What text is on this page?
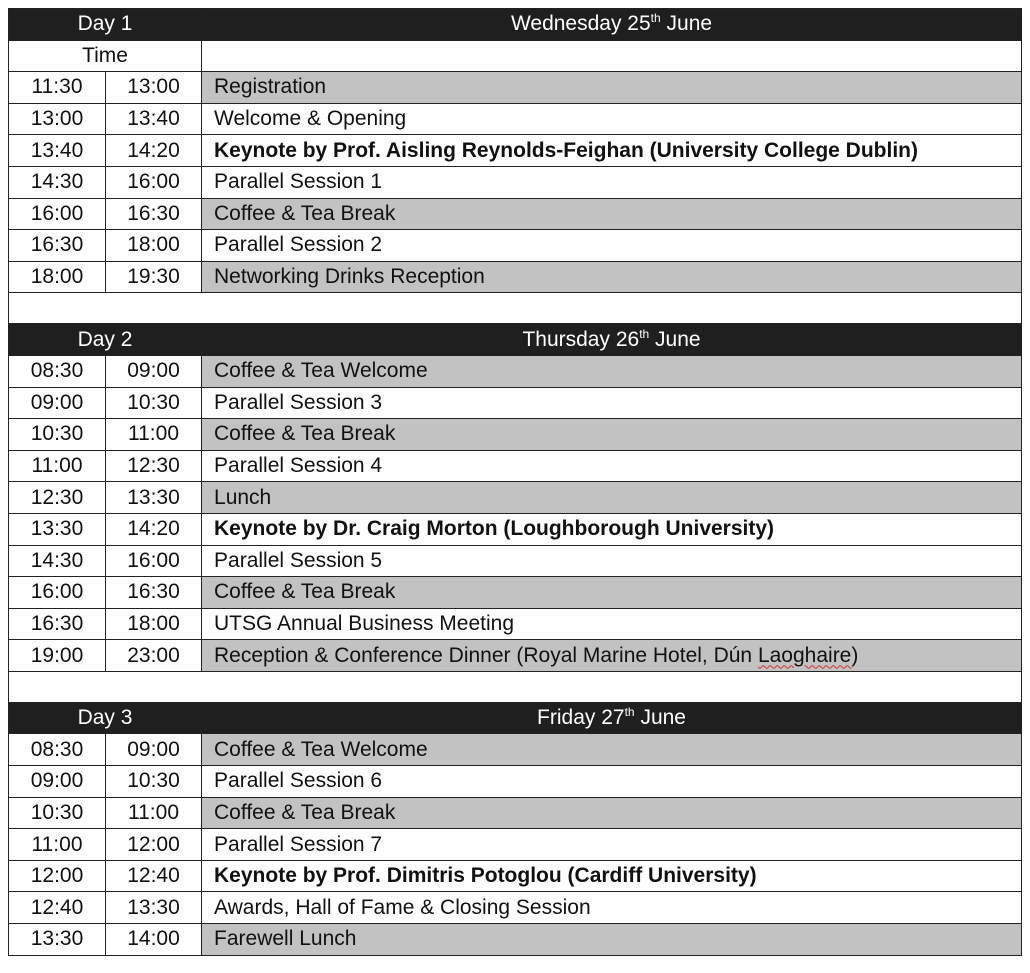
Day 1		Wednesday 25th June
Time		
11:30	13:00	Registration
13:00	13:40	Welcome & Opening
13:40	14:20	Keynote by Prof. Aisling Reynolds-Feighan (University College Dublin)
14:30	16:00	Parallel Session 1
16:00	16:30	Coffee & Tea Break
16:30	18:00	Parallel Session 2
18:00	19:30	Networking Drinks Reception

Day 2		Thursday 26th June
08:30	09:00	Coffee & Tea Welcome
09:00	10:30	Parallel Session 3
10:30	11:00	Coffee & Tea Break
11:00	12:30	Parallel Session 4
12:30	13:30	Lunch
13:30	14:20	Keynote by Dr. Craig Morton (Loughborough University)
14:30	16:00	Parallel Session 5
16:00	16:30	Coffee & Tea Break
16:30	18:00	UTSG Annual Business Meeting
19:00	23:00	Reception & Conference Dinner (Royal Marine Hotel, Dún Laoghaire)

Day 3		Friday 27th June
08:30	09:00	Coffee & Tea Welcome
09:00	10:30	Parallel Session 6
10:30	11:00	Coffee & Tea Break
11:00	12:00	Parallel Session 7
12:00	12:40	Keynote by Prof. Dimitris Potoglou (Cardiff University)
12:40	13:30	Awards, Hall of Fame & Closing Session
13:30	14:00	Farewell Lunch
